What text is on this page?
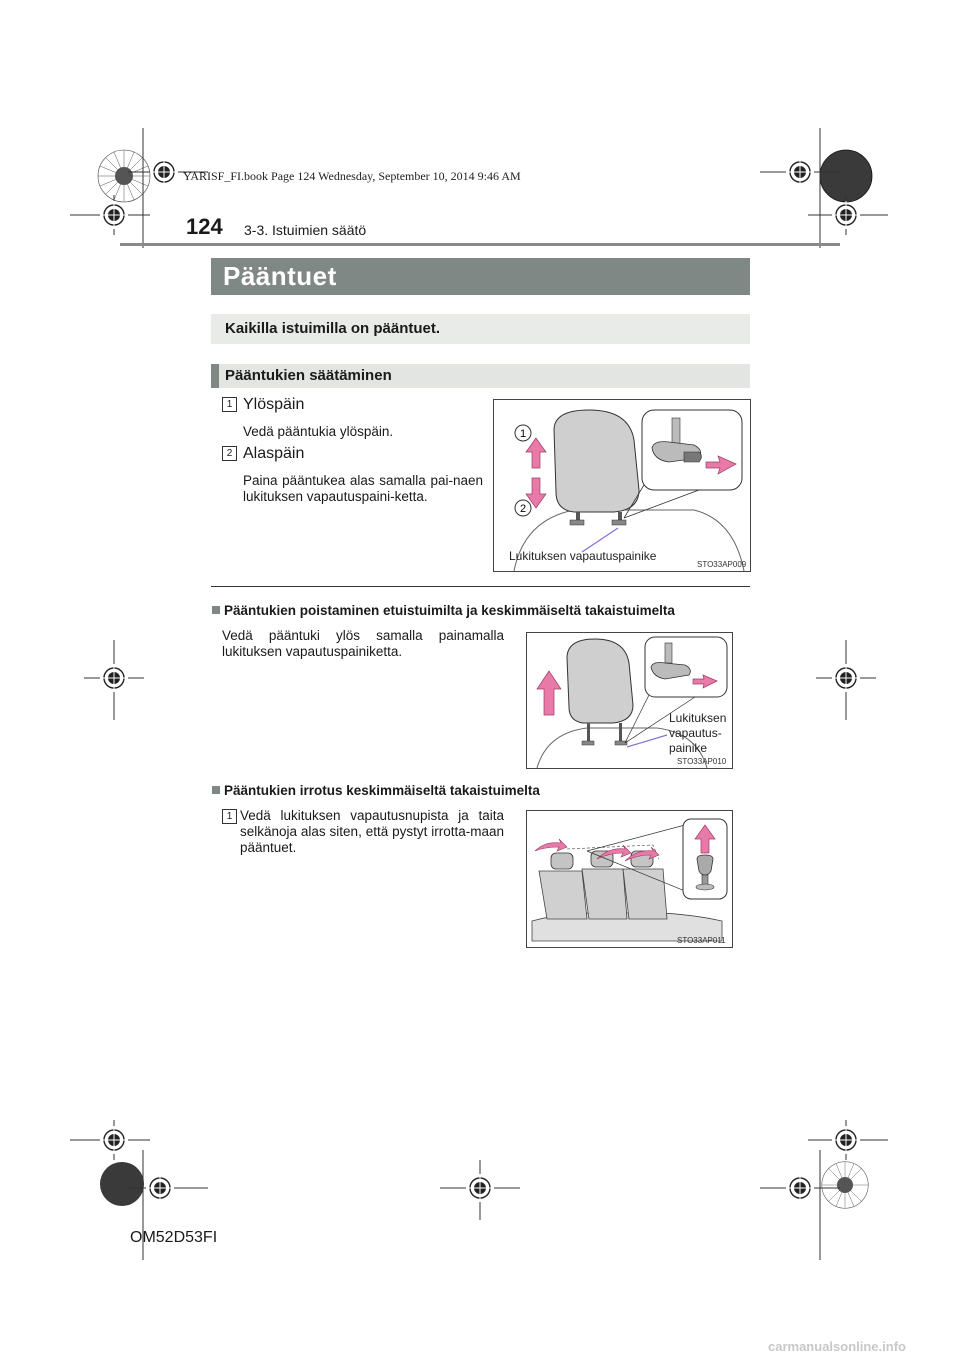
YARISF_FI.book Page 124 Wednesday, September 10, 2014 9:46 AM
124 3-3. Istuimien säätö
Pääntuet
Kaikilla istuimilla on pääntuet.
Pääntukien säätäminen
1 Ylöspäin
Vedä pääntukia ylöspäin.
2 Alaspäin
Paina pääntukea alas samalla pai-naen lukituksen vapautuspaini-ketta.
1
2
Lukituksen vapautuspainike
STO33AP009
Pääntukien poistaminen etuistuimilta ja keskimmäiseltä takaistuimelta
Vedä pääntuki ylös samalla painamalla lukituksen vapautuspainiketta.
Lukituksen
vapautus-
painike
STO33AP010
Pääntukien irrotus keskimmäiseltä takaistuimelta
1 Vedä lukituksen vapautusnupista ja taita selkänoja alas siten, että pystyt irrotta-maan pääntuet.
STO33AP011
OM52D53FI
carmanualsonline.info
